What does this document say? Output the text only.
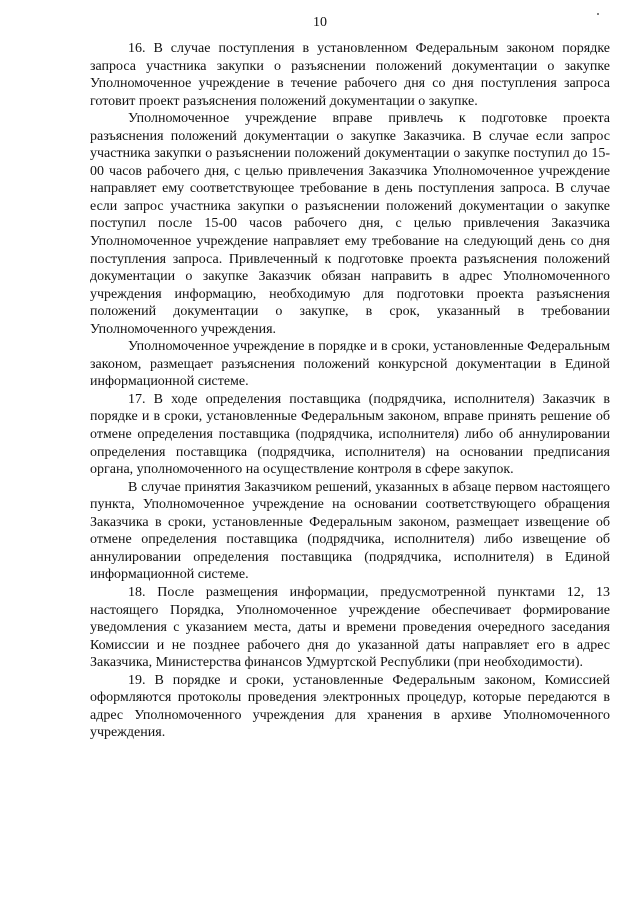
10

16. В случае поступления в установленном Федеральным законом порядке запроса участника закупки о разъяснении положений документации о закупке Уполномоченное учреждение в течение рабочего дня со дня поступления запроса готовит проект разъяснения положений документации о закупке.

Уполномоченное учреждение вправе привлечь к подготовке проекта разъяснения положений документации о закупке Заказчика. В случае если запрос участника закупки о разъяснении положений документации о закупке поступил до 15-00 часов рабочего дня, с целью привлечения Заказчика Уполномоченное учреждение направляет ему соответствующее требование в день поступления запроса. В случае если запрос участника закупки о разъяснении положений документации о закупке поступил после 15-00 часов рабочего дня, с целью привлечения Заказчика Уполномоченное учреждение направляет ему требование на следующий день со дня поступления запроса. Привлеченный к подготовке проекта разъяснения положений документации о закупке Заказчик обязан направить в адрес Уполномоченного учреждения информацию, необходимую для подготовки проекта разъяснения положений документации о закупке, в срок, указанный в требовании Уполномоченного учреждения.

Уполномоченное учреждение в порядке и в сроки, установленные Федеральным законом, размещает разъяснения положений конкурсной документации в Единой информационной системе.

17. В ходе определения поставщика (подрядчика, исполнителя) Заказчик в порядке и в сроки, установленные Федеральным законом, вправе принять решение об отмене определения поставщика (подрядчика, исполнителя) либо об аннулировании определения поставщика (подрядчика, исполнителя) на основании предписания органа, уполномоченного на осуществление контроля в сфере закупок.

В случае принятия Заказчиком решений, указанных в абзаце первом настоящего пункта, Уполномоченное учреждение на основании соответствующего обращения Заказчика в сроки, установленные Федеральным законом, размещает извещение об отмене определения поставщика (подрядчика, исполнителя) либо извещение об аннулировании определения поставщика (подрядчика, исполнителя) в Единой информационной системе.

18. После размещения информации, предусмотренной пунктами 12, 13 настоящего Порядка, Уполномоченное учреждение обеспечивает формирование уведомления с указанием места, даты и времени проведения очередного заседания Комиссии и не позднее рабочего дня до указанной даты направляет его в адрес Заказчика, Министерства финансов Удмуртской Республики (при необходимости).

19. В порядке и сроки, установленные Федеральным законом, Комиссией оформляются протоколы проведения электронных процедур, которые передаются в адрес Уполномоченного учреждения для хранения в архиве Уполномоченного учреждения.
